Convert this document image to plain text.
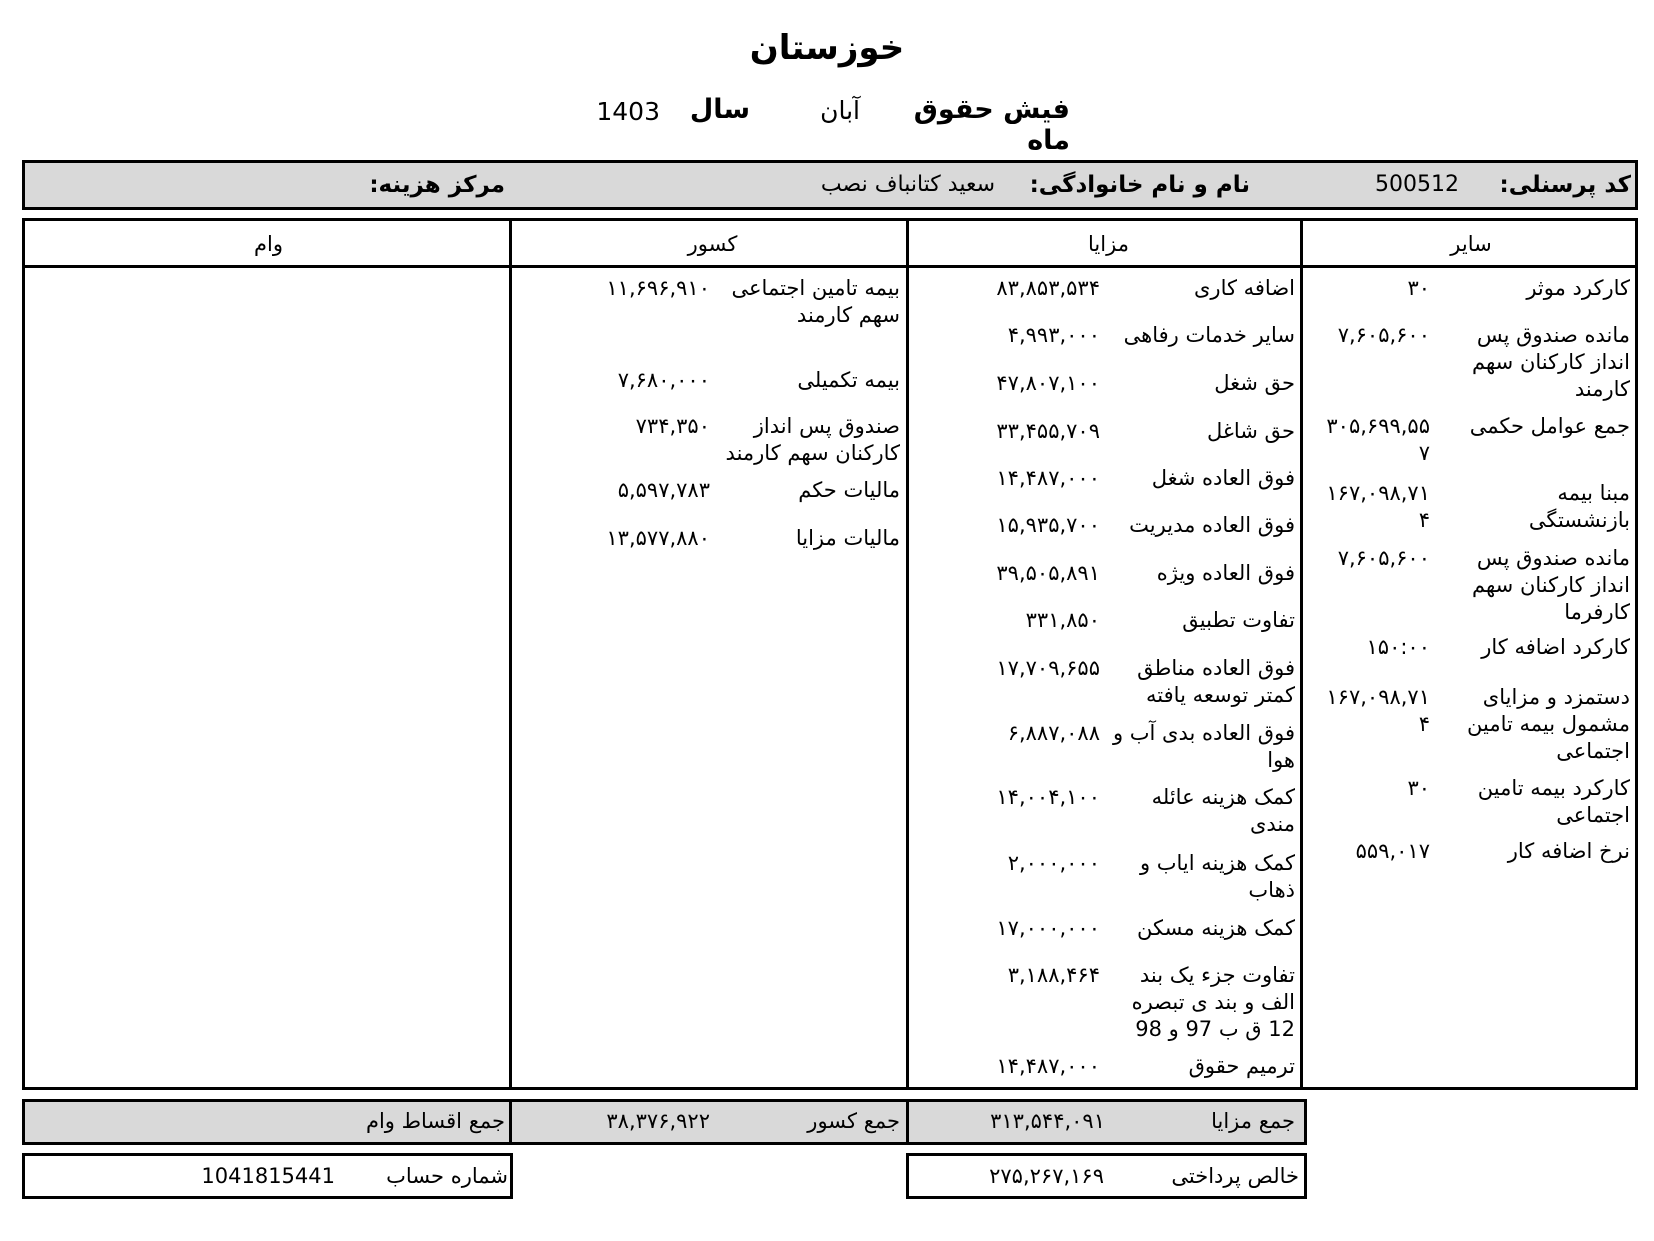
خوزستان
فیش حقوق ماه
آبان
سال
1403
کد پرسنلی:
500512
نام و نام خانوادگی:
سعید کتانباف نصب
مرکز هزینه:
سایر
مزایا
کسور
وام
کارکرد موثر
۳۰
مانده صندوق پس انداز کارکنان سهم کارمند
۷,۶۰۵,۶۰۰
جمع عوامل حکمی
۳۰۵,۶۹۹,۵۵۷
مبنا بیمه بازنشستگی
۱۶۷,۰۹۸,۷۱۴
مانده صندوق پس انداز کارکنان سهم کارفرما
۷,۶۰۵,۶۰۰
کارکرد اضافه کار
۱۵۰:۰۰
دستمزد و مزایای مشمول بیمه تامین اجتماعی
۱۶۷,۰۹۸,۷۱۴
کارکرد بیمه تامین اجتماعی
۳۰
نرخ اضافه کار
۵۵۹,۰۱۷
اضافه کاری
۸۳,۸۵۳,۵۳۴
سایر خدمات رفاهی
۴,۹۹۳,۰۰۰
حق شغل
۴۷,۸۰۷,۱۰۰
حق شاغل
۳۳,۴۵۵,۷۰۹
فوق العاده شغل
۱۴,۴۸۷,۰۰۰
فوق العاده مدیریت
۱۵,۹۳۵,۷۰۰
فوق العاده ویژه
۳۹,۵۰۵,۸۹۱
تفاوت تطبیق
۳۳۱,۸۵۰
فوق العاده مناطق کمتر توسعه یافته
۱۷,۷۰۹,۶۵۵
فوق العاده بدی آب و هوا
۶,۸۸۷,۰۸۸
کمک هزینه عائله مندی
۱۴,۰۰۴,۱۰۰
کمک هزینه ایاب و ذهاب
۲,۰۰۰,۰۰۰
کمک هزینه مسکن
۱۷,۰۰۰,۰۰۰
تفاوت جزء یک بند الف و بند ی تبصره 12 ق ب 97 و 98
۳,۱۸۸,۴۶۴
ترمیم حقوق
۱۴,۴۸۷,۰۰۰
بیمه تامین اجتماعی سهم کارمند
۱۱,۶۹۶,۹۱۰
بیمه تکمیلی
۷,۶۸۰,۰۰۰
صندوق پس انداز کارکنان سهم کارمند
۷۳۴,۳۵۰
مالیات حکم
۵,۵۹۷,۷۸۳
مالیات مزایا
۱۳,۵۷۷,۸۸۰
جمع مزایا
۳۱۳,۵۴۴,۰۹۱
جمع کسور
۳۸,۳۷۶,۹۲۲
جمع اقساط وام
خالص پرداختی
۲۷۵,۲۶۷,۱۶۹
شماره حساب
1041815441
